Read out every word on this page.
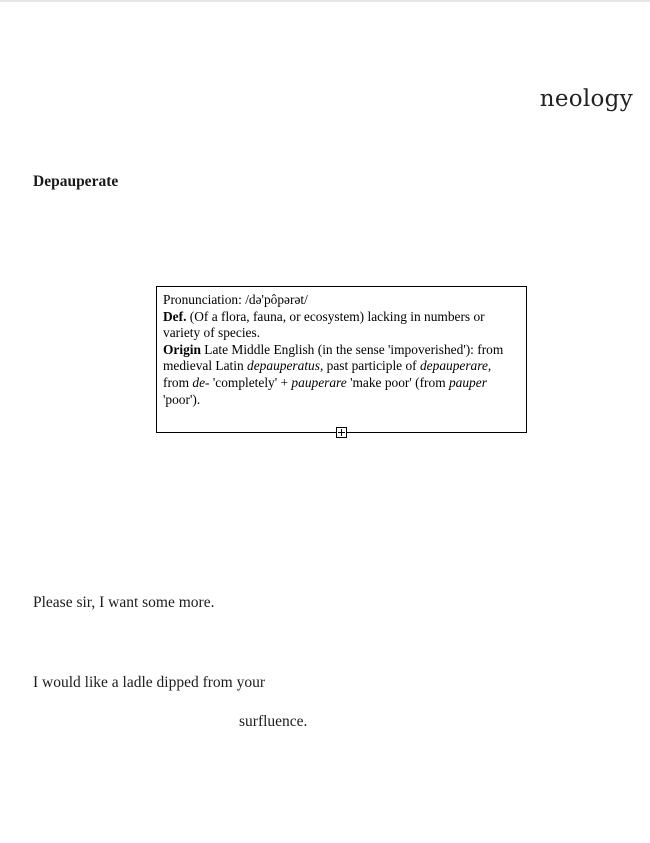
neology
Depauperate

Pronunciation: /də'pôpərət/

Def. (Of a flora, fauna, or ecosystem) lacking in numbers or variety of species.

Origin Late Middle English (in the sense 'impoverished'): from medieval Latin depauperatus, past participle of depauperare, from de- 'completely' + pauperare 'make poor' (from pauper 'poor').

Please sir, I want some more.
I would like a ladle dipped from your
surfluence.
